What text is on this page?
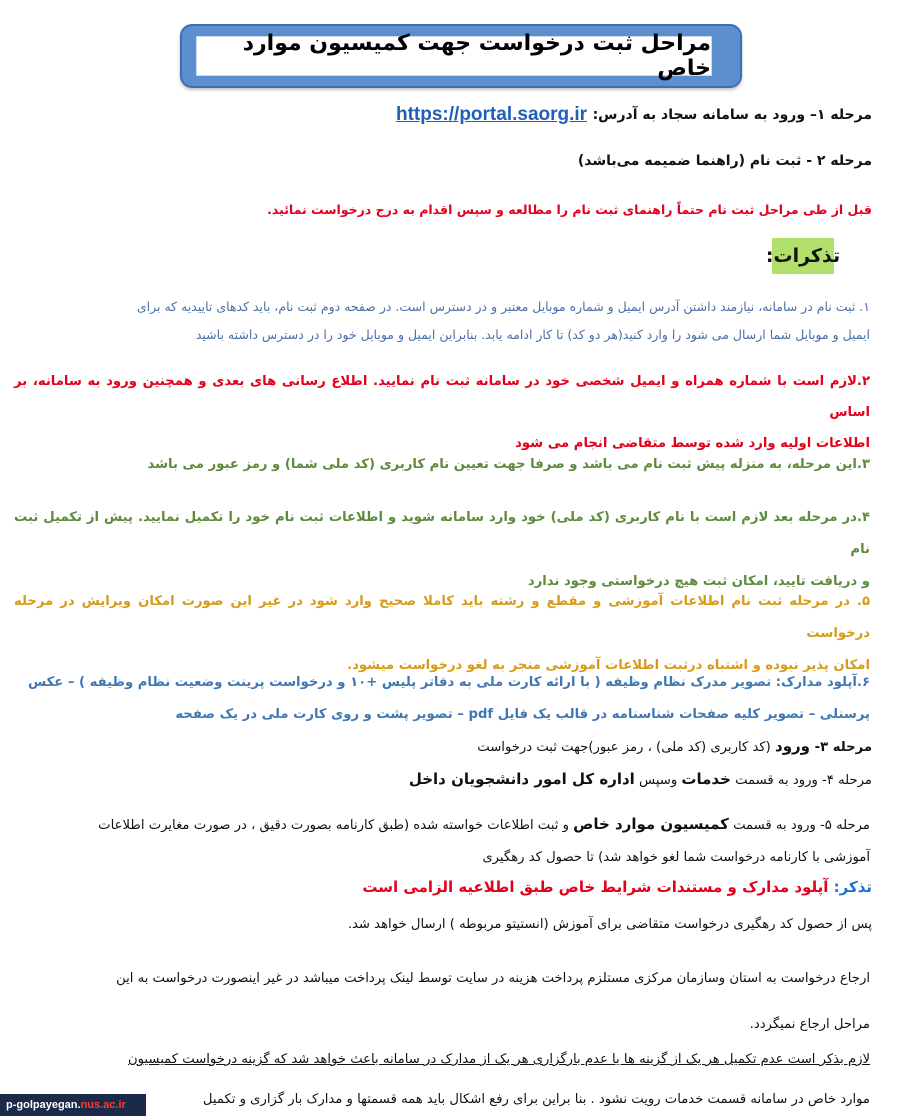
مراحل ثبت درخواست جهت کمیسیون موارد خاص
مرحله ۱– ورود به سامانه سجاد به آدرس:
https://portal.saorg.ir
مرحله ۲ - ثبت نام (راهنما ضمیمه می‌باشد)
قبل از طی مراحل ثبت نام حتماً راهنمای ثبت نام را مطالعه و سپس اقدام به درج درخواست نمائید.
تذکرات:
۱. ثبت نام در سامانه، نیازمند داشتن آدرس ایمیل و شماره موبایل معتبر و در دسترس است. در صفحه دوم ثبت نام، باید کدهای تاییدیه که برای
ایمیل و موبایل شما ارسال می شود را وارد کنید(هر دو کد) تا کار ادامه یابد. بنابراین ایمیل و موبایل خود را در دسترس داشته باشید
۲.لازم است با شماره همراه و ایمیل شخصی خود در سامانه ثبت نام نمایید. اطلاع رسانی های بعدی و همچنین ورود به سامانه، بر اساس
اطلاعات اولیه وارد شده توسط متقاضی انجام می شود
۳.این مرحله، به منزله پیش ثبت نام می باشد و صرفا جهت تعیین نام کاربری (کد ملی شما) و رمز عبور می باشد
۴.در مرحله بعد لازم است با نام کاربری (کد ملی) خود وارد سامانه شوید و اطلاعات ثبت نام خود را تکمیل نمایید. پیش از تکمیل ثبت نام
و دریافت تایید، امکان ثبت هیچ درخواستی وجود ندارد
۵. در مرحله ثبت نام اطلاعات آموزشی و مقطع و رشته باید کاملا صحیح وارد شود در غیر این صورت امکان ویرایش در مرحله درخواست
امکان پذیر نبوده و اشتباه درثبت اطلاعات آموزشی منجر به لغو درخواست میشود.
۶.آپلود مدارک: تصویر مدرک نظام وظیفه ( با ارائه کارت ملی به دفاتر پلیس +۱۰ و درخواست پرینت وضعیت نظام وظیفه ) – عکس
پرسنلی – تصویر کلیه صفحات شناسنامه در قالب یک فایل pdf – تصویر پشت و روی کارت ملی در یک صفحه
مرحله ۳- ورود (کد کاربری (کد ملی) ، رمز عبور)جهت ثبت درخواست
مرحله ۴- ورود به قسمت خدمات وسپس اداره کل امور دانشجویان داخل
مرحله ۵- ورود به قسمت کمیسیون موارد خاص و ثبت اطلاعات خواسته شده (طبق کارنامه بصورت دقیق ، در صورت مغایرت اطلاعات
آموزشی با کارنامه درخواست شما لغو خواهد شد) تا حصول کد رهگیری
تذکر: آپلود مدارک و مستندات شرایط خاص طبق اطلاعیه الزامی است
پس از حصول کد رهگیری درخواست متقاضی برای آموزش (انستیتو مربوطه ) ارسال خواهد شد.
ارجاع درخواست به استان وسازمان مرکزی مستلزم پرداخت هزینه در سایت توسط لینک پرداخت میباشد در غیر اینصورت درخواست به این
مراحل ارجاع نمیگردد.
لازم بذکر است عدم تکمیل هر یک از گزینه ها یا عدم بارگزاری هر یک از مدارک در سامانه باعث خواهد شد که گزینه درخواست کمیسیون
موارد خاص در سامانه قسمت خدمات رویت نشود . بنا براین برای رفع اشکال باید همه قسمتها و مدارک بار گزاری و تکمیل
p-golpayegan. nus.ac.ir
